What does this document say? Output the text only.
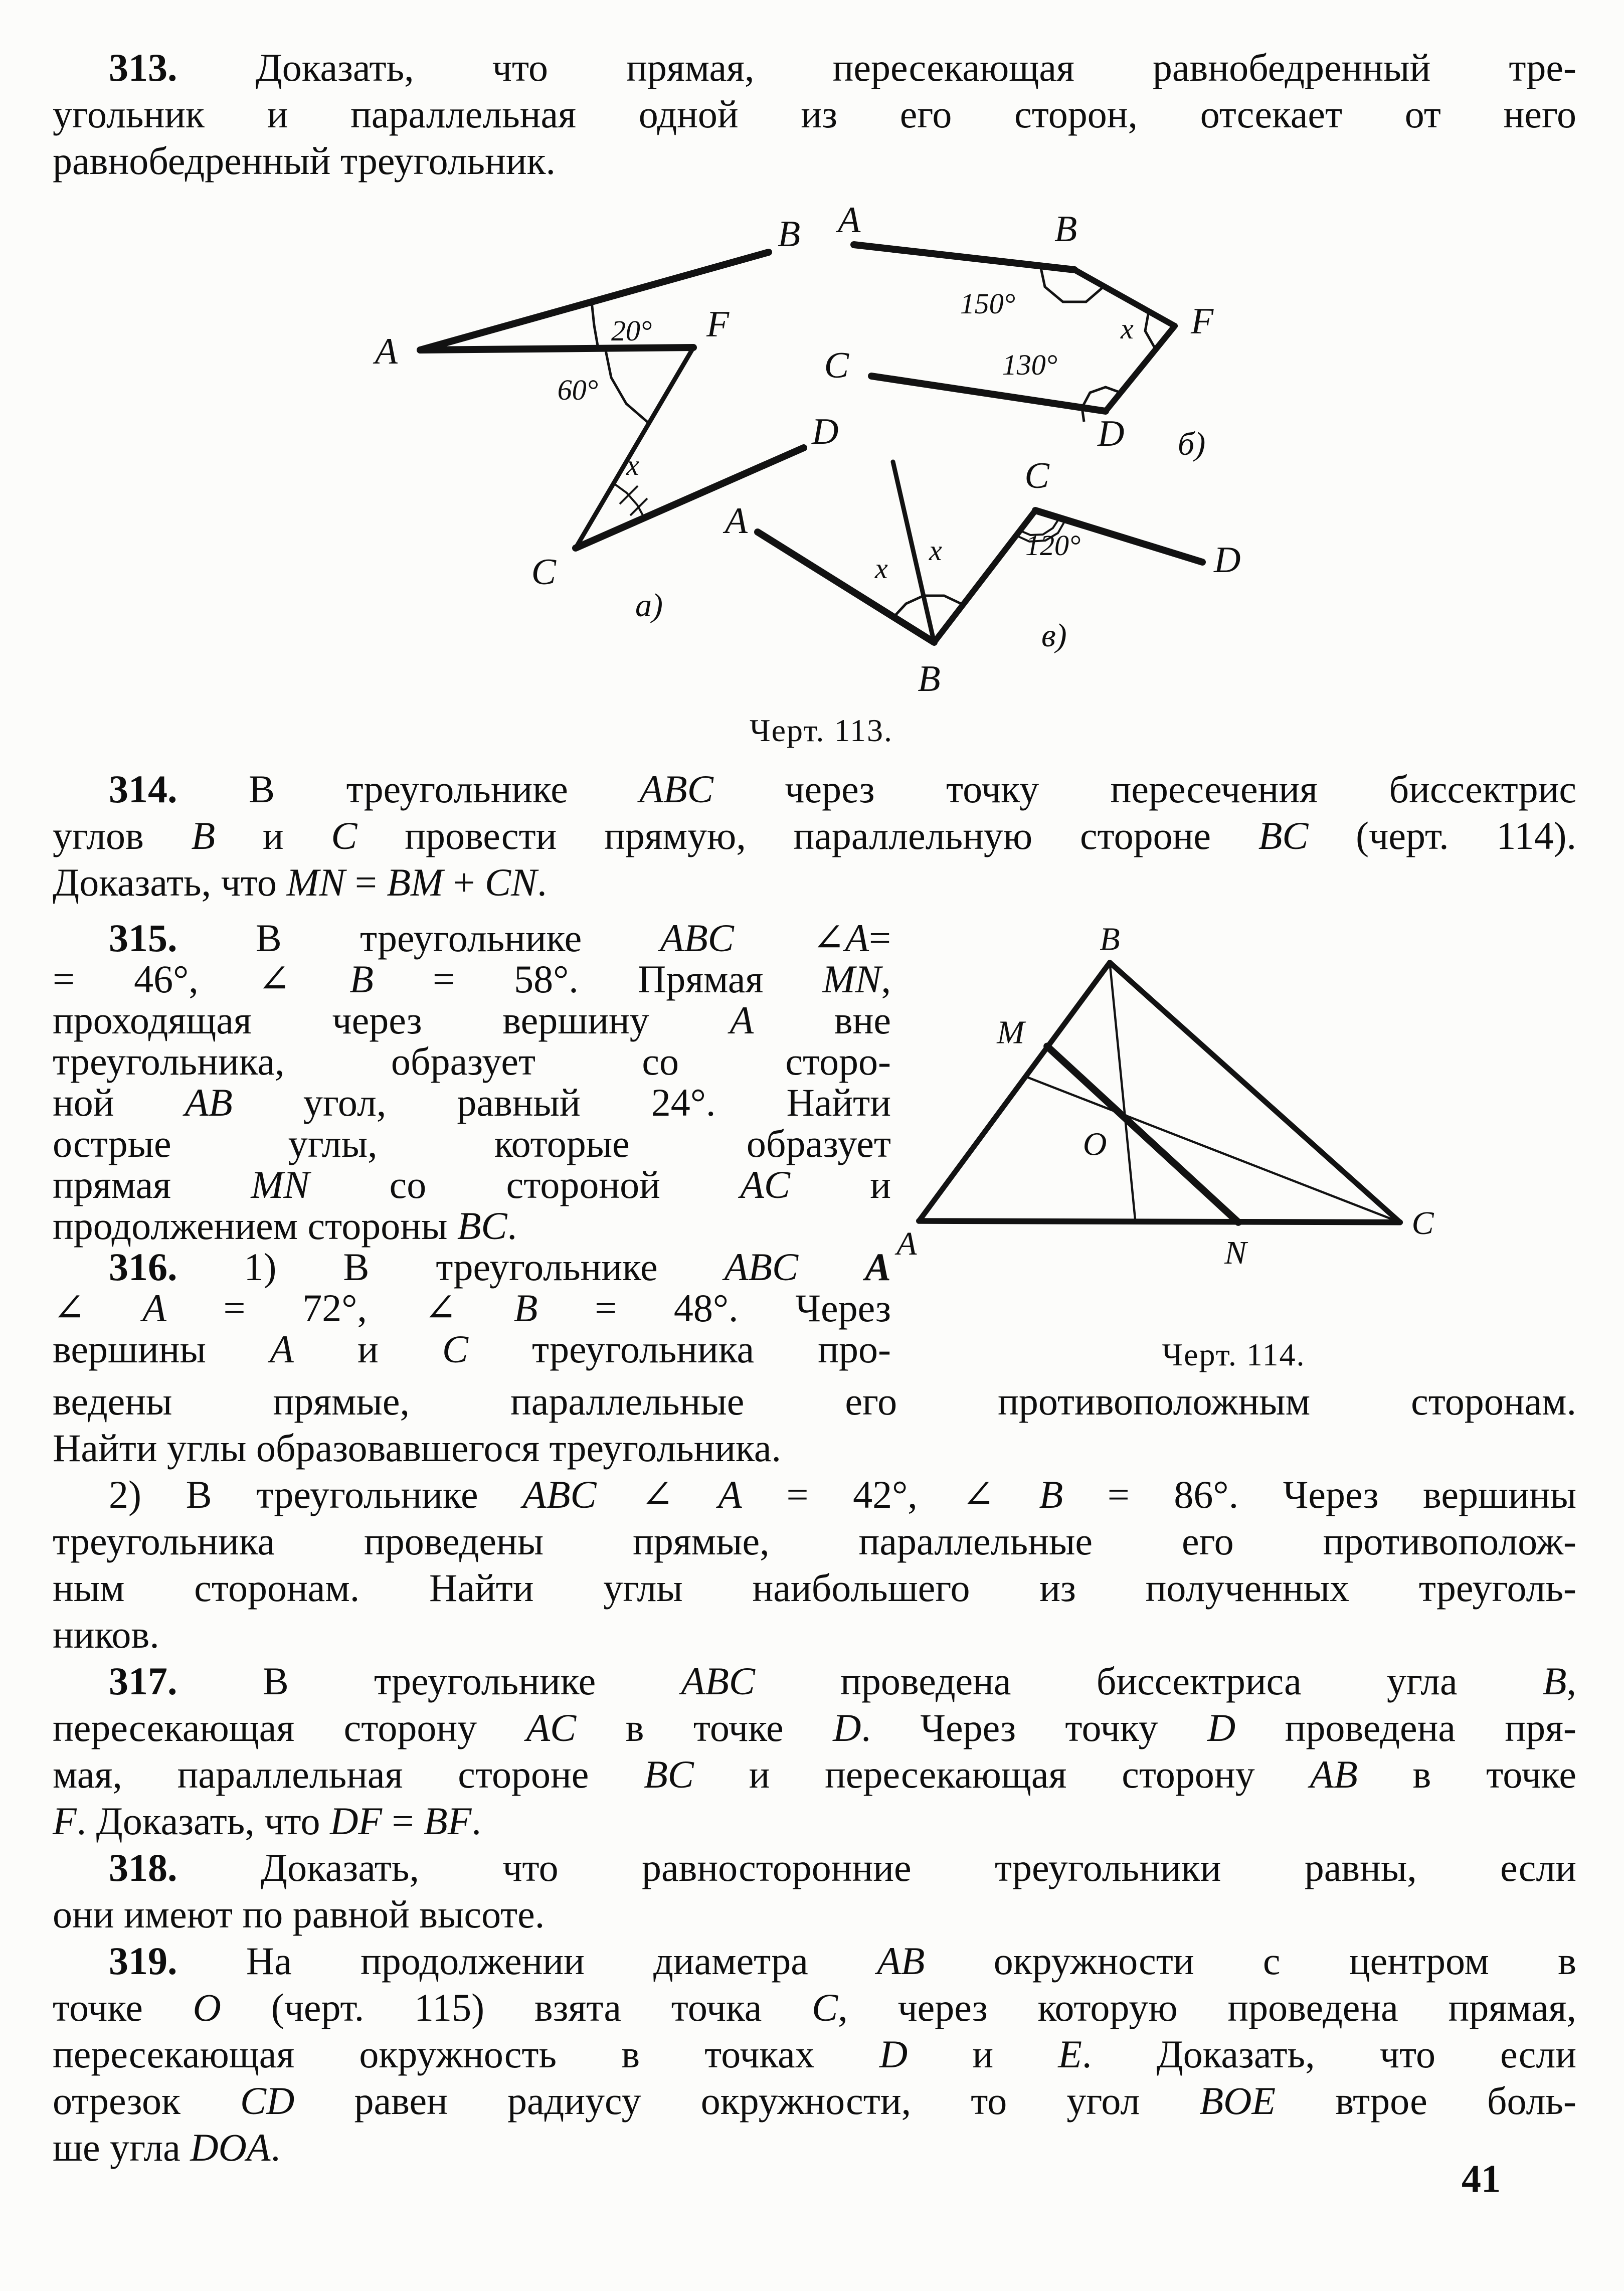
313. Доказать, что прямая, пересекающая равнобедренный тре-
угольник и параллельная одной из его сторон, отсекает от него
равнобедренный треугольник.
A
B
F
C
D
20°
60°
x
а)
A	B
F
C
D
150°
x
130°
б)
A
B
C
D
x
x	120°
в)
Черт. 113.
314. В треугольнике ABC через точку пересечения биссектрис
углов B и C провести прямую, параллельную стороне BC (черт. 114).
Доказать, что MN = BM + CN.
315. В треугольнике ABC ∠A=
= 46°, ∠ B = 58°. Прямая MN,
проходящая через вершину A вне
треугольника, образует со сторо-
ной AB угол, равный 24°. Найти
острые углы, которые образует
прямая MN со стороной AC и
продолжением стороны BC.
316. 1) В треугольнике ABC A
∠ A = 72°, ∠ B = 48°. Через
вершины A и C треугольника про-
A
B
C
M
O
N
Черт. 114.
ведены прямые, параллельные его противоположным сторонам.
Найти углы образовавшегося треугольника.
2) В треугольнике ABC ∠ A = 42°, ∠ B = 86°. Через вершины
треугольника проведены прямые, параллельные его противополож-
ным сторонам. Найти углы наибольшего из полученных треуголь-
ников.
317. В треугольнике ABC проведена биссектриса угла B,
пересекающая сторону AC в точке D. Через точку D проведена пря-
мая, параллельная стороне BC и пересекающая сторону AB в точке
F. Доказать, что DF = BF.
318. Доказать, что равносторонние треугольники равны, если
они имеют по равной высоте.
319. На продолжении диаметра AB окружности с центром в
точке O (черт. 115) взята точка C, через которую проведена прямая,
пересекающая окружность в точках D и E. Доказать, что если
отрезок CD равен радиусу окружности, то угол BOE втрое боль-
ше угла DOA.
41
